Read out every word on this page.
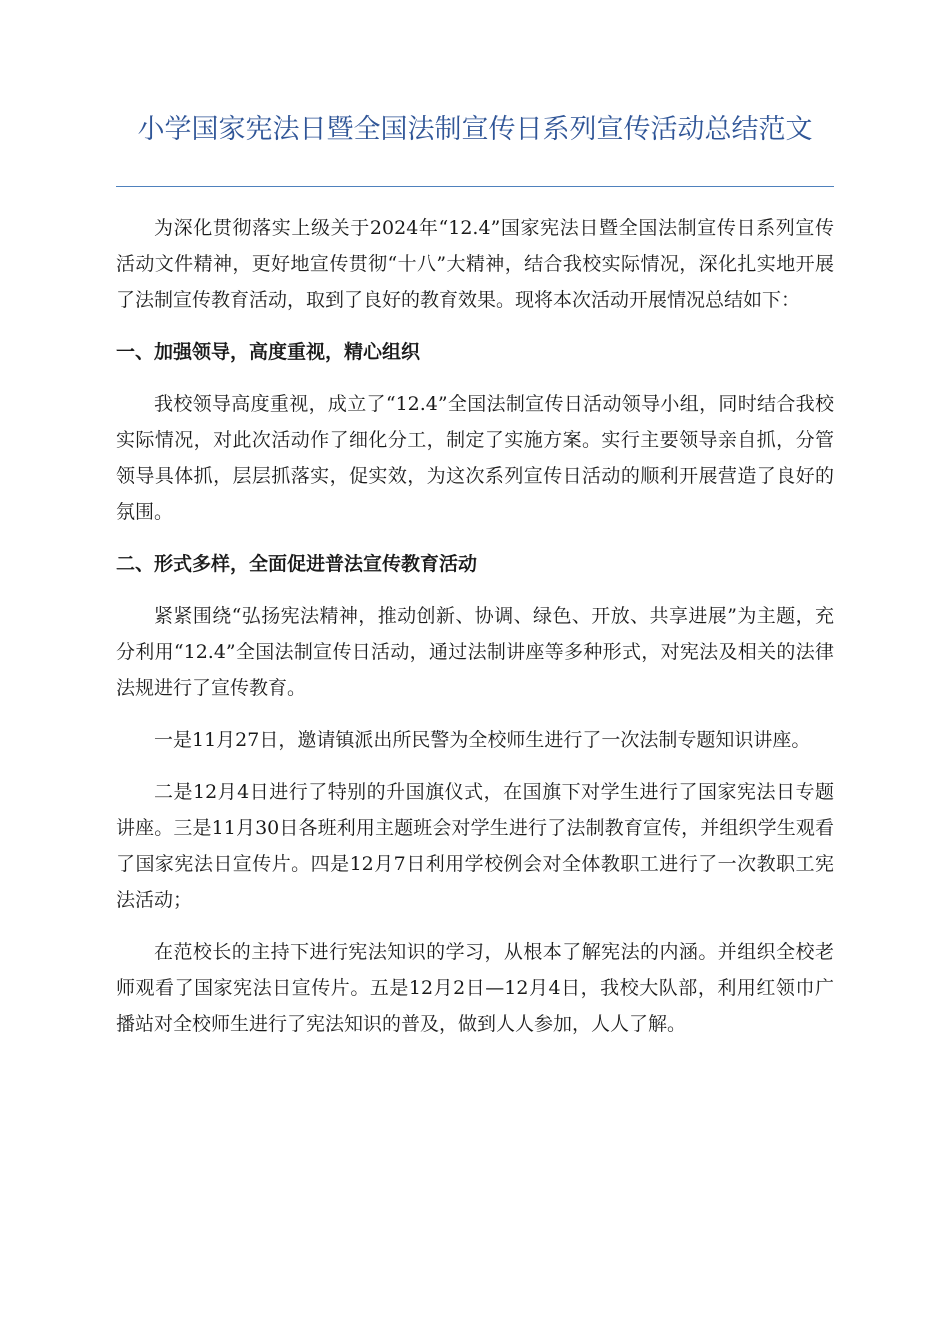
小学国家宪法日暨全国法制宣传日系列宣传活动总结范文

为深化贯彻落实上级关于2024年“12.4”国家宪法日暨全国法制宣传日系列宣传活动文件精神，更好地宣传贯彻“十八”大精神，结合我校实际情况，深化扎实地开展了法制宣传教育活动，取到了良好的教育效果。现将本次活动开展情况总结如下：

一、加强领导，高度重视，精心组织

我校领导高度重视，成立了“12.4”全国法制宣传日活动领导小组，同时结合我校实际情况，对此次活动作了细化分工，制定了实施方案。实行主要领导亲自抓，分管领导具体抓，层层抓落实，促实效，为这次系列宣传日活动的顺利开展营造了良好的氛围。

二、形式多样，全面促进普法宣传教育活动

紧紧围绕“弘扬宪法精神，推动创新、协调、绿色、开放、共享进展”为主题，充分利用“12.4”全国法制宣传日活动，通过法制讲座等多种形式，对宪法及相关的法律法规进行了宣传教育。

一是11月27日，邀请镇派出所民警为全校师生进行了一次法制专题知识讲座。

二是12月4日进行了特别的升国旗仪式，在国旗下对学生进行了国家宪法日专题讲座。三是11月30日各班利用主题班会对学生进行了法制教育宣传，并组织学生观看了国家宪法日宣传片。四是12月7日利用学校例会对全体教职工进行了一次教职工宪法活动；

在范校长的主持下进行宪法知识的学习，从根本了解宪法的内涵。并组织全校老师观看了国家宪法日宣传片。五是12月2日—12月4日，我校大队部，利用红领巾广播站对全校师生进行了宪法知识的普及，做到人人参加，人人了解。
